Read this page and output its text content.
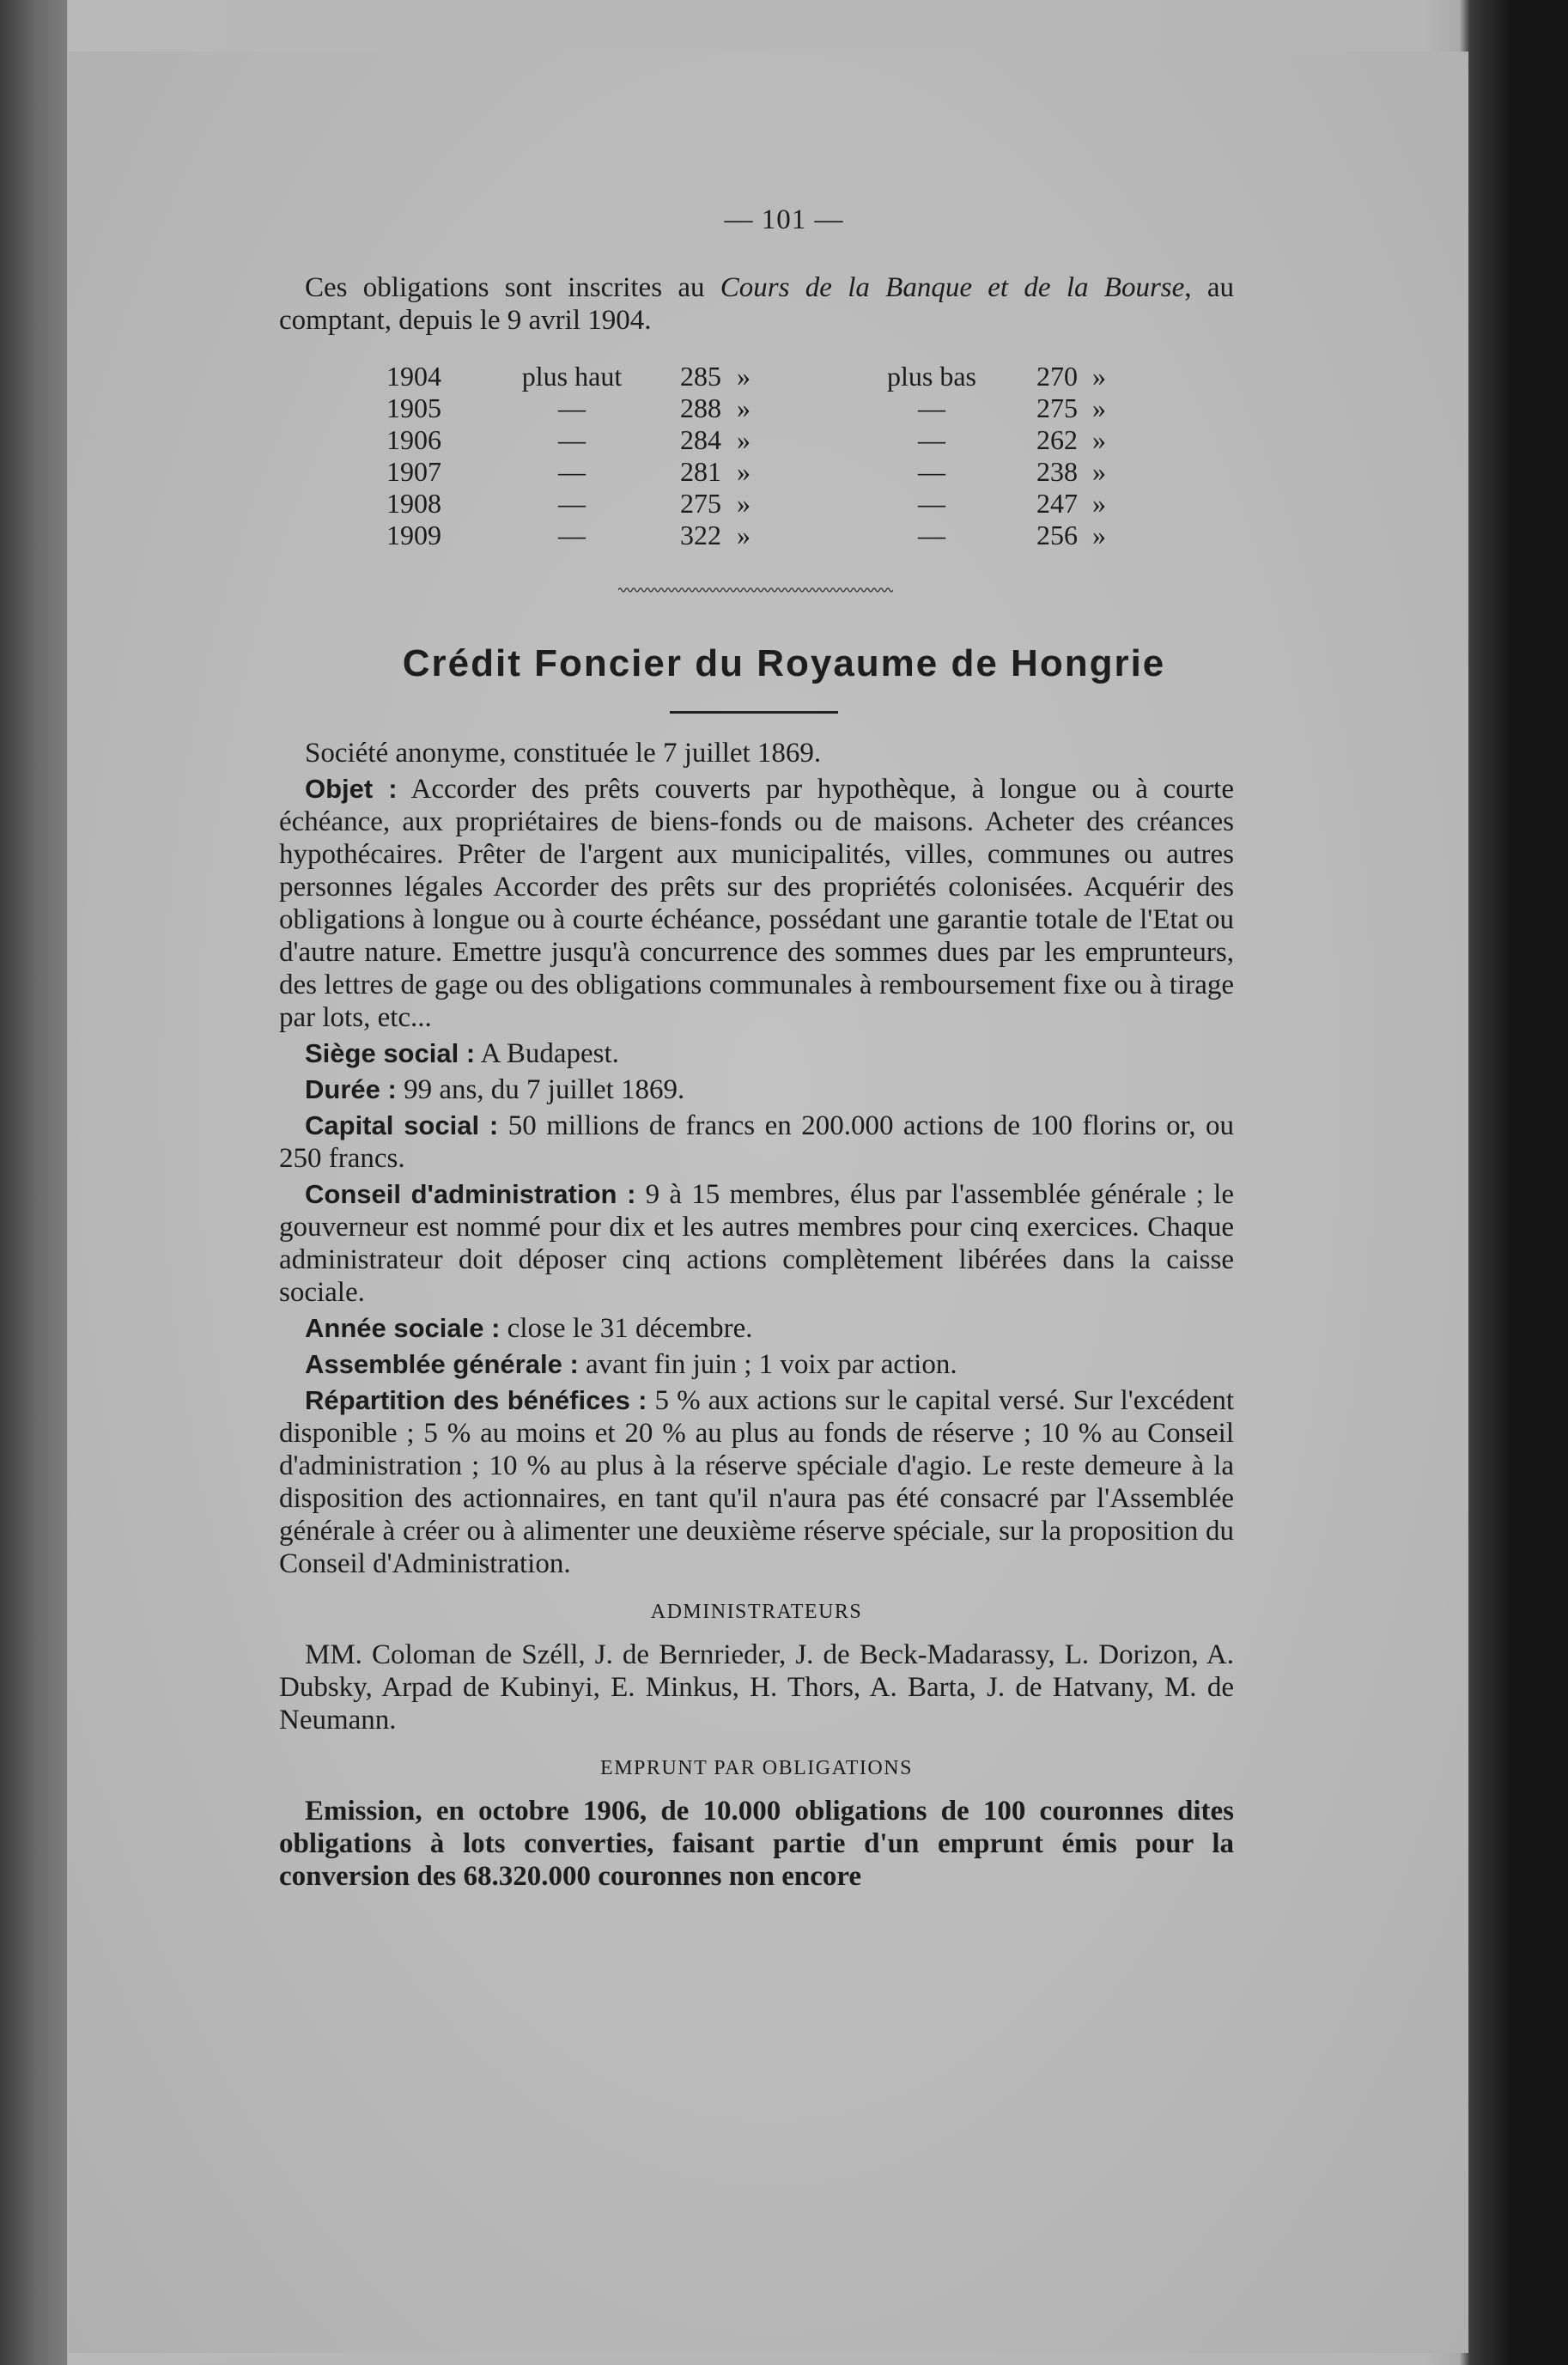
— 101 —

Ces obligations sont inscrites au Cours de la Banque et de la Bourse, au comptant, depuis le 9 avril 1904.

1904	plus haut	285 »	plus bas	270 »
1905	—	288 »	—	275 »
1906	—	284 »	—	262 »
1907	—	281 »	—	238 »
1908	—	275 »	—	247 »
1909	—	322 »	—	256 »
Crédit Foncier du Royaume de Hongrie

Société anonyme, constituée le 7 juillet 1869.

Objet : Accorder des prêts couverts par hypothèque, à longue ou à courte échéance, aux propriétaires de biens-fonds ou de maisons. Acheter des créances hypothécaires. Prêter de l'argent aux municipalités, villes, communes ou autres personnes légales Accorder des prêts sur des propriétés colonisées. Acquérir des obligations à longue ou à courte échéance, possédant une garantie totale de l'Etat ou d'autre nature. Emettre jusqu'à concurrence des sommes dues par les emprunteurs, des lettres de gage ou des obligations communales à remboursement fixe ou à tirage par lots, etc...

Siège social : A Budapest.

Durée : 99 ans, du 7 juillet 1869.

Capital social : 50 millions de francs en 200.000 actions de 100 florins or, ou 250 francs.

Conseil d'administration : 9 à 15 membres, élus par l'assemblée générale ; le gouverneur est nommé pour dix et les autres membres pour cinq exercices. Chaque administrateur doit déposer cinq actions complètement libérées dans la caisse sociale.

Année sociale : close le 31 décembre.

Assemblée générale : avant fin juin ; 1 voix par action.

Répartition des bénéfices : 5 % aux actions sur le capital versé. Sur l'excédent disponible ; 5 % au moins et 20 % au plus au fonds de réserve ; 10 % au Conseil d'administration ; 10 % au plus à la réserve spéciale d'agio. Le reste demeure à la disposition des actionnaires, en tant qu'il n'aura pas été consacré par l'Assemblée générale à créer ou à alimenter une deuxième réserve spéciale, sur la proposition du Conseil d'Administration.

ADMINISTRATEURS

MM. Coloman de Széll, J. de Bernrieder, J. de Beck-Madarassy, L. Dorizon, A. Dubsky, Arpad de Kubinyi, E. Minkus, H. Thors, A. Barta, J. de Hatvany, M. de Neumann.

EMPRUNT PAR OBLIGATIONS

Emission, en octobre 1906, de 10.000 obligations de 100 couronnes dites obligations à lots converties, faisant partie d'un emprunt émis pour la conversion des 68.320.000 couronnes non encore
